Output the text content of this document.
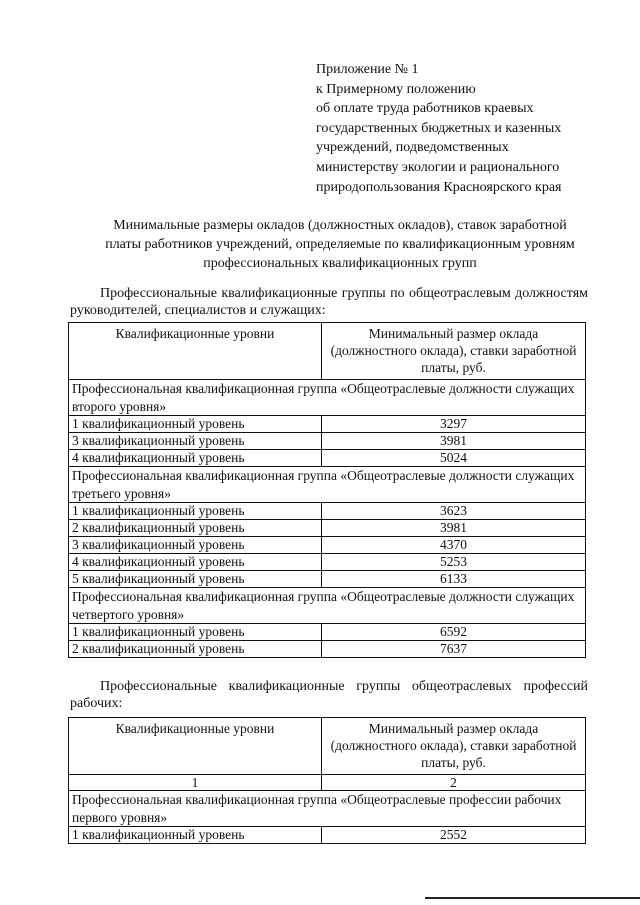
Приложение № 1
к Примерному положению
об оплате труда работников краевых
государственных бюджетных и казенных
учреждений, подведомственных
министерству экологии и рационального
природопользования Красноярского края
Минимальные размеры окладов (должностных окладов), ставок заработной
платы работников учреждений, определяемые по квалификационным уровням
профессиональных квалификационных групп
Профессиональные квалификационные группы по общеотраслевым должностям руководителей, специалистов и служащих:
Квалификационные уровни	Минимальный размер оклада (должностного оклада), ставки заработной платы, руб.
Профессиональная квалификационная группа «Общеотраслевые должности служащих второго уровня»	
1 квалификационный уровень	3297
3 квалификационный уровень	3981
4 квалификационный уровень	5024
Профессиональная квалификационная группа «Общеотраслевые должности служащих третьего уровня»	
1 квалификационный уровень	3623
2 квалификационный уровень	3981
3 квалификационный уровень	4370
4 квалификационный уровень	5253
5 квалификационный уровень	6133
Профессиональная квалификационная группа «Общеотраслевые должности служащих четвертого уровня»	
1 квалификационный уровень	6592
2 квалификационный уровень	7637
Профессиональные квалификационные группы общеотраслевых профессий рабочих:
Квалификационные уровни	Минимальный размер оклада (должностного оклада), ставки заработной платы, руб.
1	2
Профессиональная квалификационная группа «Общеотраслевые профессии рабочих первого уровня»	
1 квалификационный уровень	2552
